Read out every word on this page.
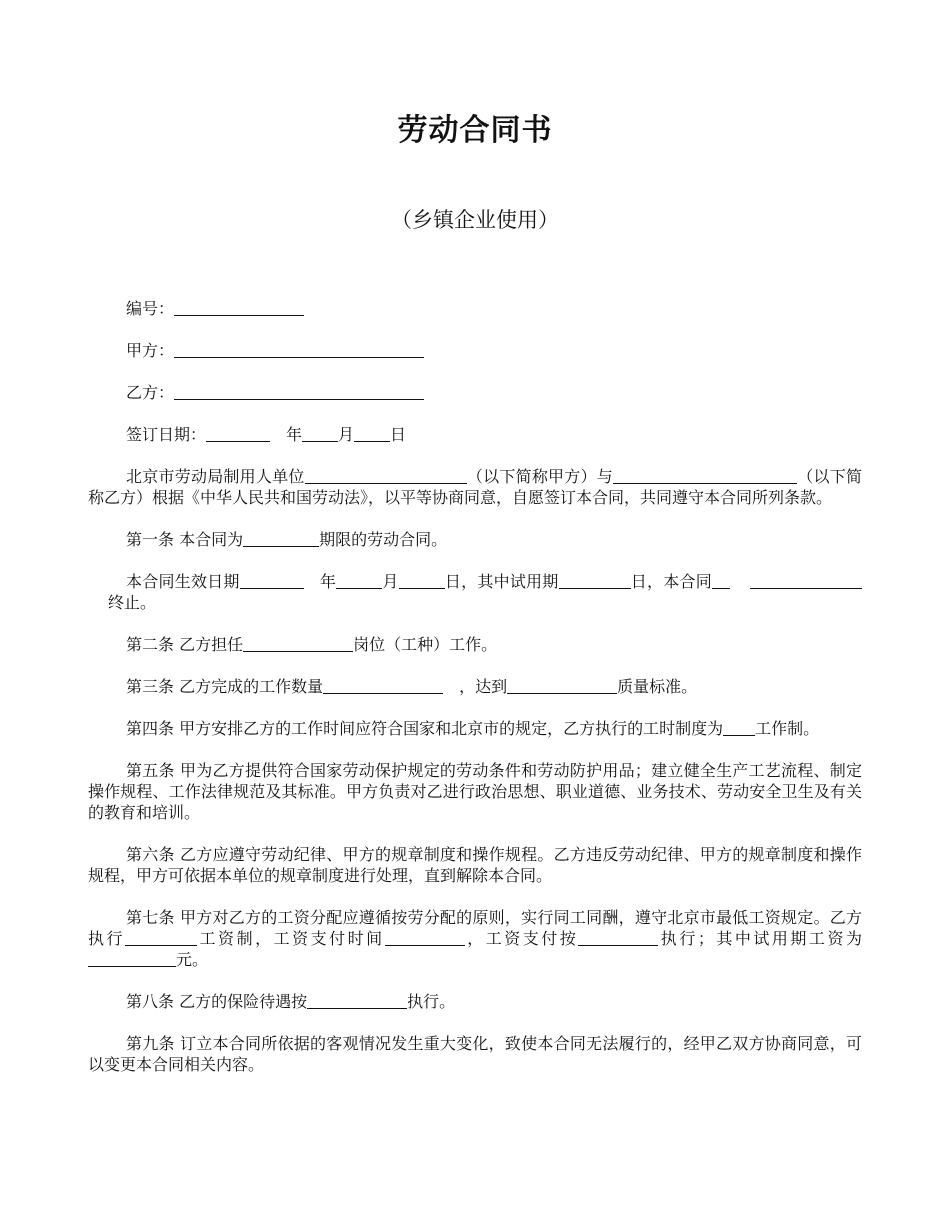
劳动合同书
（乡镇企业使用）

编号：

甲方：

乙方：

签订日期：	年 月 日

北京市劳动局制用人单位	（以下简称甲方）与	（以下简称乙方）根据《中华人民共和国劳动法》，以平等协商同意，自愿签订本合同，共同遵守本合同所列条款。

第一条 本合同为	期限的劳动合同。

本合同生效日期	年	月	日，其中试用期	日，本合同终止。

第二条 乙方担任	岗位（工种）工作。

第三条 乙方完成的工作数量	，达到	质量标准。

第四条 甲方安排乙方的工作时间应符合国家和北京市的规定，乙方执行的工时制度为 工作制。

第五条 甲为乙方提供符合国家劳动保护规定的劳动条件和劳动防护用品；建立健全生产工艺流程、制定操作规程、工作法律规范及其标准。甲方负责对乙进行政治思想、职业道德、业务技术、劳动安全卫生及有关的教育和培训。

第六条 乙方应遵守劳动纪律、甲方的规章制度和操作规程。乙方违反劳动纪律、甲方的规章制度和操作规程，甲方可依据本单位的规章制度进行处理，直到解除本合同。

第七条 甲方对乙方的工资分配应遵循按劳分配的原则，实行同工同酬，遵守北京市最低工资规定。乙方执行	工资制，工资支付时间	，工资支付按	执行；其中试用期工资为元。

第八条 乙方的保险待遇按	执行。

第九条 订立本合同所依据的客观情况发生重大变化，致使本合同无法履行的，经甲乙双方协商同意，可以变更本合同相关内容。
